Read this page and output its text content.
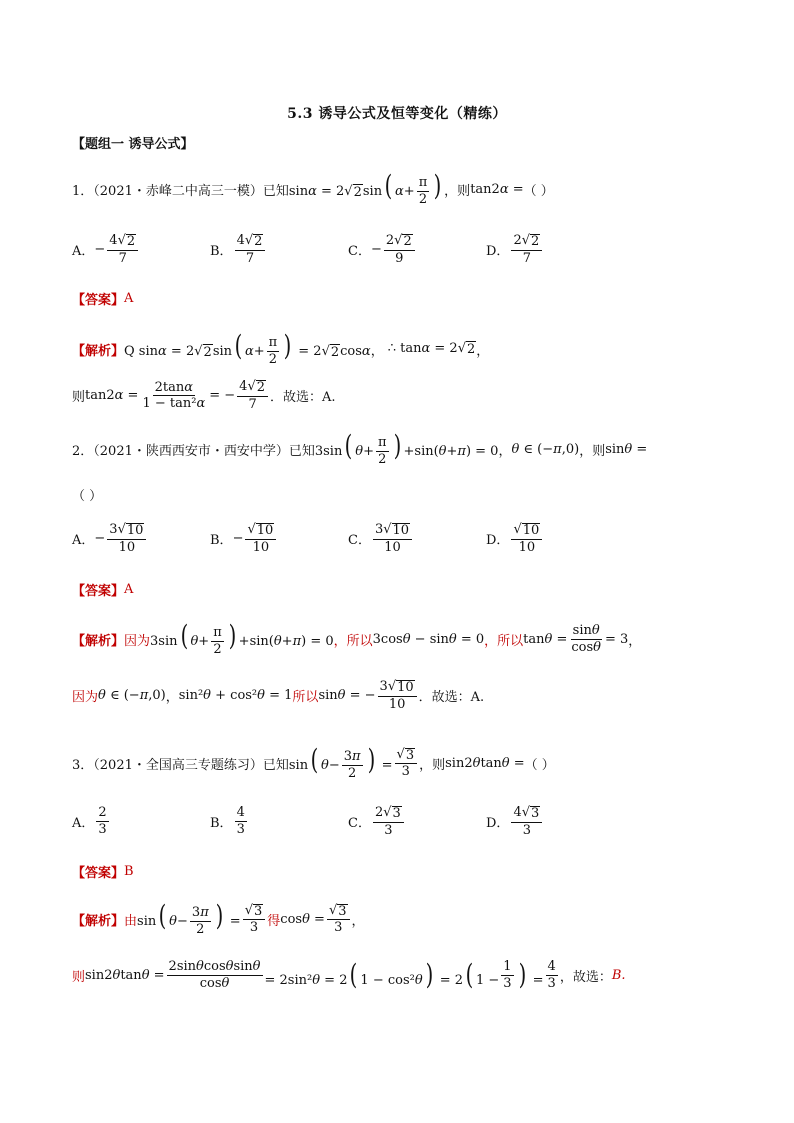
5.3 诱导公式及恒等变化（精练）
【题组一 诱导公式】
1．（2021・赤峰二中高三一模）已知 sinα = 2 √ 2 sin( $\alpha+ \frac{\pi}{2}$ ) ，则 tan2α = （ ）
A． − $\frac{4 √ 2}{7}$	B． $\frac{4 √ 2}{7}$	C． − $\frac{2 √ 2}{9}$	D． $\frac{2 √ 2}{7}$
【答案】 A
【解析】 Q sinα = 2 √ 2 sin( $\alpha+ \frac{\pi}{2}$ ) = 2 √ 2 cosα ， ∴ tanα = 2 √ 2 ，
则 $\tan 2\alpha = \frac{2\tan\alpha}{\text{1 − tan²α}}$ = − $\frac{4 √ 2}{7}$ ．故选：A.
2．（2021・陕西西安市・西安中学）已知 3sin( $\theta+ \frac{\pi}{2}$ ) +sin(θ+π) = 0 ， θ ∈ (−π,0) ，则 sinθ =
（ ）
A． − $\frac{3 √ 10}{10}$	B． − $\frac{√ 10}{10}$	C． $\frac{3 √ 10}{10}$	D． $\frac{√ 10}{10}$
【答案】 A
【解析】 因为 3sin( $\theta+ \frac{\pi}{2}$ ) +sin(θ+π) = 0 ，所以 3cosθ − sinθ = 0 ，所以 $\tan\theta = \frac{\sin\theta}{\cos\theta} = 3$ ，
因为 θ ∈ (−π,0) ， sin²θ + cos²θ = 1 所以 sinθ = − $\frac{3 √ 10}{10}$ ．故选：A.
3．（2021・全国高三专题练习）已知 sin( $\theta- \frac{3\pi}{2}$ ) = $\frac{√ 3}{3}$ ，则 sin2θtanθ = （ ）
A． $\frac{2}{3}$	B． $\frac{4}{3}$	C． $\frac{2 √ 3}{3}$	D． $\frac{4 √ 3}{3}$
【答案】 B
【解析】 由 sin( $\theta- \frac{3\pi}{2}$ ) = $\frac{√ 3}{3}$ 得 $\cos\theta = \frac{√ 3}{3}$ ，
则 $\sin 2\theta\tan\theta = \frac{2\sin\theta\cos\theta\sin\theta}{\cos\theta} = 2\sin^2\theta = 2$( 1 − cos²θ) = 2( $1 - \frac{1}{3}$ ) = $\frac{4}{3}$ ，故选： B.
